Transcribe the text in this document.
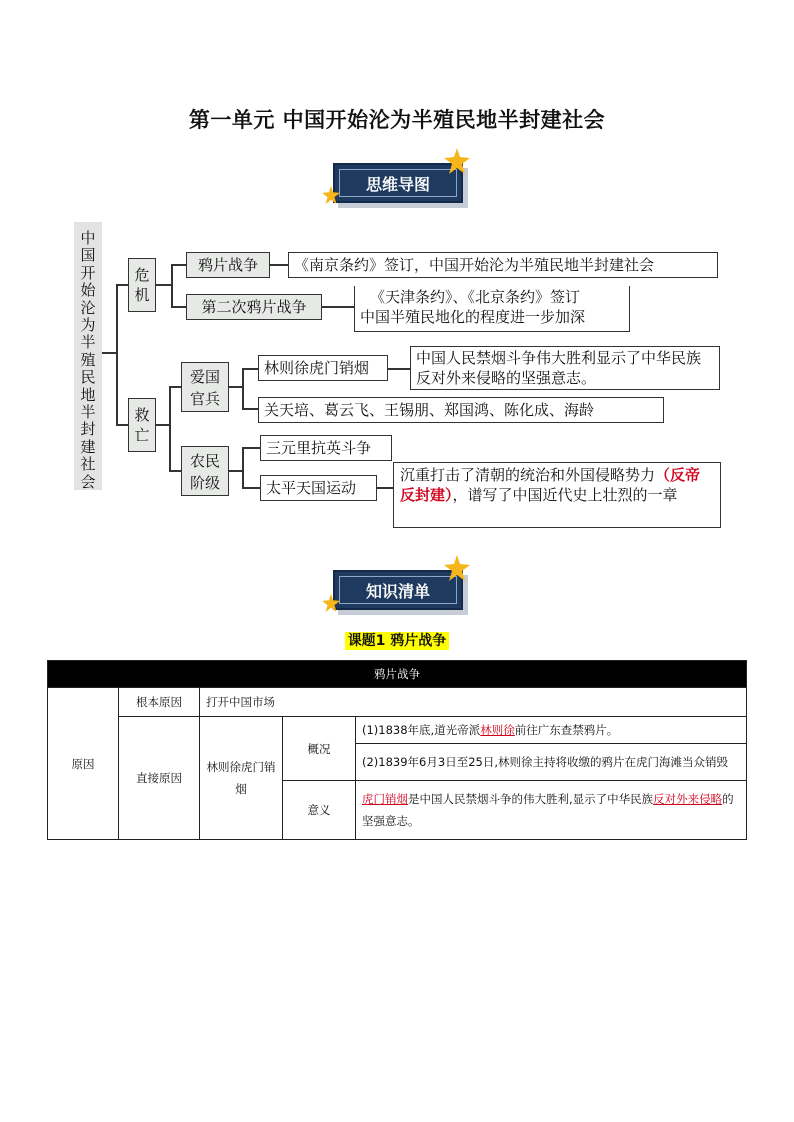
第一单元 中国开始沦为半殖民地半封建社会
思维导图
中
国
开
始
沦
为
半
殖
民
地
半
封
建
社
会
危
机
救
亡
鸦片战争	《南京条约》签订，中国开始沦为半殖民地半封建社会
第二次鸦片战争
《天津条约》、《北京条约》签订
中国半殖民地化的程度进一步加深
爱国
官兵
林则徐虎门销烟
中国人民禁烟斗争伟大胜利显示了中华民族反对外来侵略的坚强意志。
关天培、葛云飞、王锡朋、郑国鸿、陈化成、海龄
农民
阶级
三元里抗英斗争
太平天国运动
沉重打击了清朝的统治和外国侵略势力（反帝反封建），谱写了中国近代史上壮烈的一章
知识清单
课题1 鸦片战争
鸦片战争				
原因	根本原因	打开中国市场		
	直接原因	林则徐虎门销烟	概况	(1)1838年底,道光帝派林则徐前往广东查禁鸦片。
				(2)1839年6月3日至25日,林则徐主持将收缴的鸦片在虎门海滩当众销毁
			意义	虎门销烟是中国人民禁烟斗争的伟大胜利,显示了中华民族反对外来侵略的坚强意志。
